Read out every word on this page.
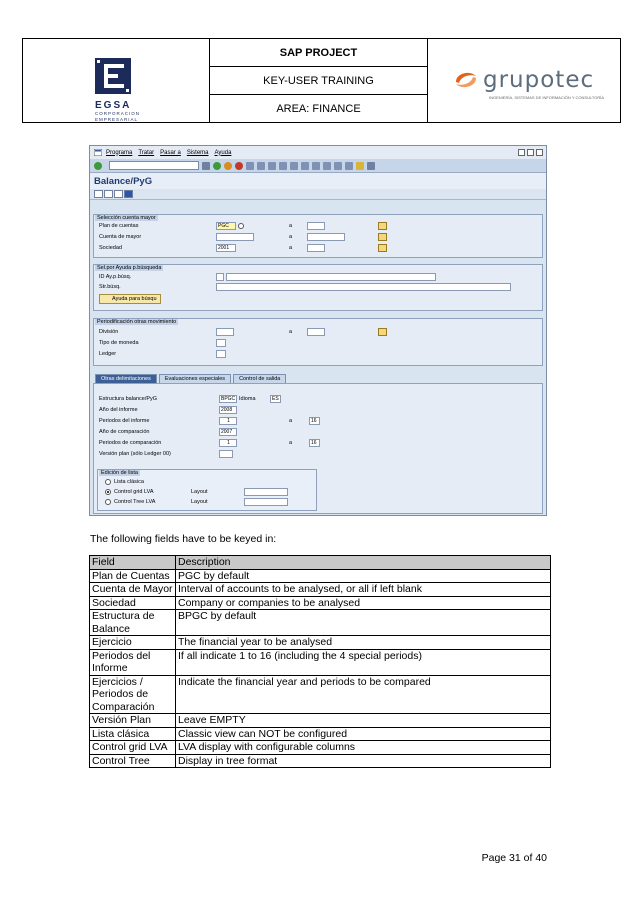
EGSA
CORPORACION
EMPRESARIAL
SAP PROJECT
KEY-USER TRAINING
AREA: FINANCE
grupotec
INGENIERÍA, SISTEMAS DE INFORMACIÓN Y CONSULTORÍA
Programa Tratar Pasar a Sistema Ayuda
Balance/PyG
Selección cuenta mayor
Plan de cuentas	PGC	a
Cuenta de mayor	a
Sociedad	2001	a
Sel.por Ayuda p.búsqueda
ID Ay.p.búsq.
Str.búsq.
Ayuda para búsqu
Periodificación otras movimiento
División	a
Tipo de moneda
Ledger
Otras delimitaciones	Evaluaciones especiales	Control de salida
Estructura balance/PyG	BPGC Idioma	ES
Año del informe	2008
Periodos del informe	1	a	16
Año de comparación	2007
Periodos de comparación	1	a	16
Versión plan (sólo Ledger 00)
Edición de lista
Lista clásica
Control grid LVA	Layout
Control Tree LVA	Layout
The following fields have to be keyed in:
Field	Description
Plan de Cuentas	PGC by default
Cuenta de Mayor	Interval of accounts to be analysed, or all if left blank
Sociedad	Company or companies to be analysed
Estructura de Balance	BPGC by default
Ejercicio	The financial year to be analysed
Periodos del Informe	If all indicate 1 to 16 (including the 4 special periods)
Ejercicios / Periodos de Comparación	Indicate the financial year and periods to be compared
Versión Plan	Leave EMPTY
Lista clásica	Classic view can NOT be configured
Control grid LVA	LVA display with configurable columns
Control Tree	Display in tree format
Page 31 of 40
